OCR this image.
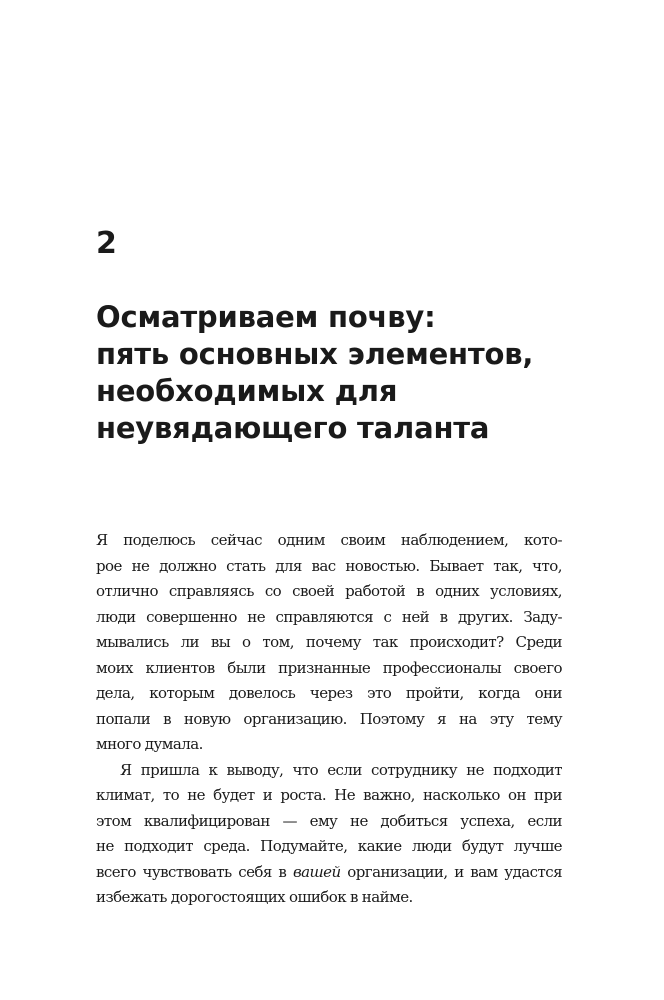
2
Осматриваем почву:
пять основных элементов,
необходимых для
неувядающего таланта

Я поделюсь сейчас одним своим наблюдением, кото-
рое не должно стать для вас новостью. Бывает так, что,
отлично справляясь со своей работой в одних условиях,
люди совершенно не справляются с ней в других. Заду-
мывались ли вы о том, почему так происходит? Среди
моих клиентов были признанные профессионалы своего
дела, которым довелось через это пройти, когда они
попали в новую организацию. Поэтому я на эту тему
много думала.

Я пришла к выводу, что если сотруднику не подходит
климат, то не будет и роста. Не важно, насколько он при
этом квалифицирован — ему не добиться успеха, если
не подходит среда. Подумайте, какие люди будут лучше
всего чувствовать себя в вашей организации, и вам удастся
избежать дорогостоящих ошибок в найме.
